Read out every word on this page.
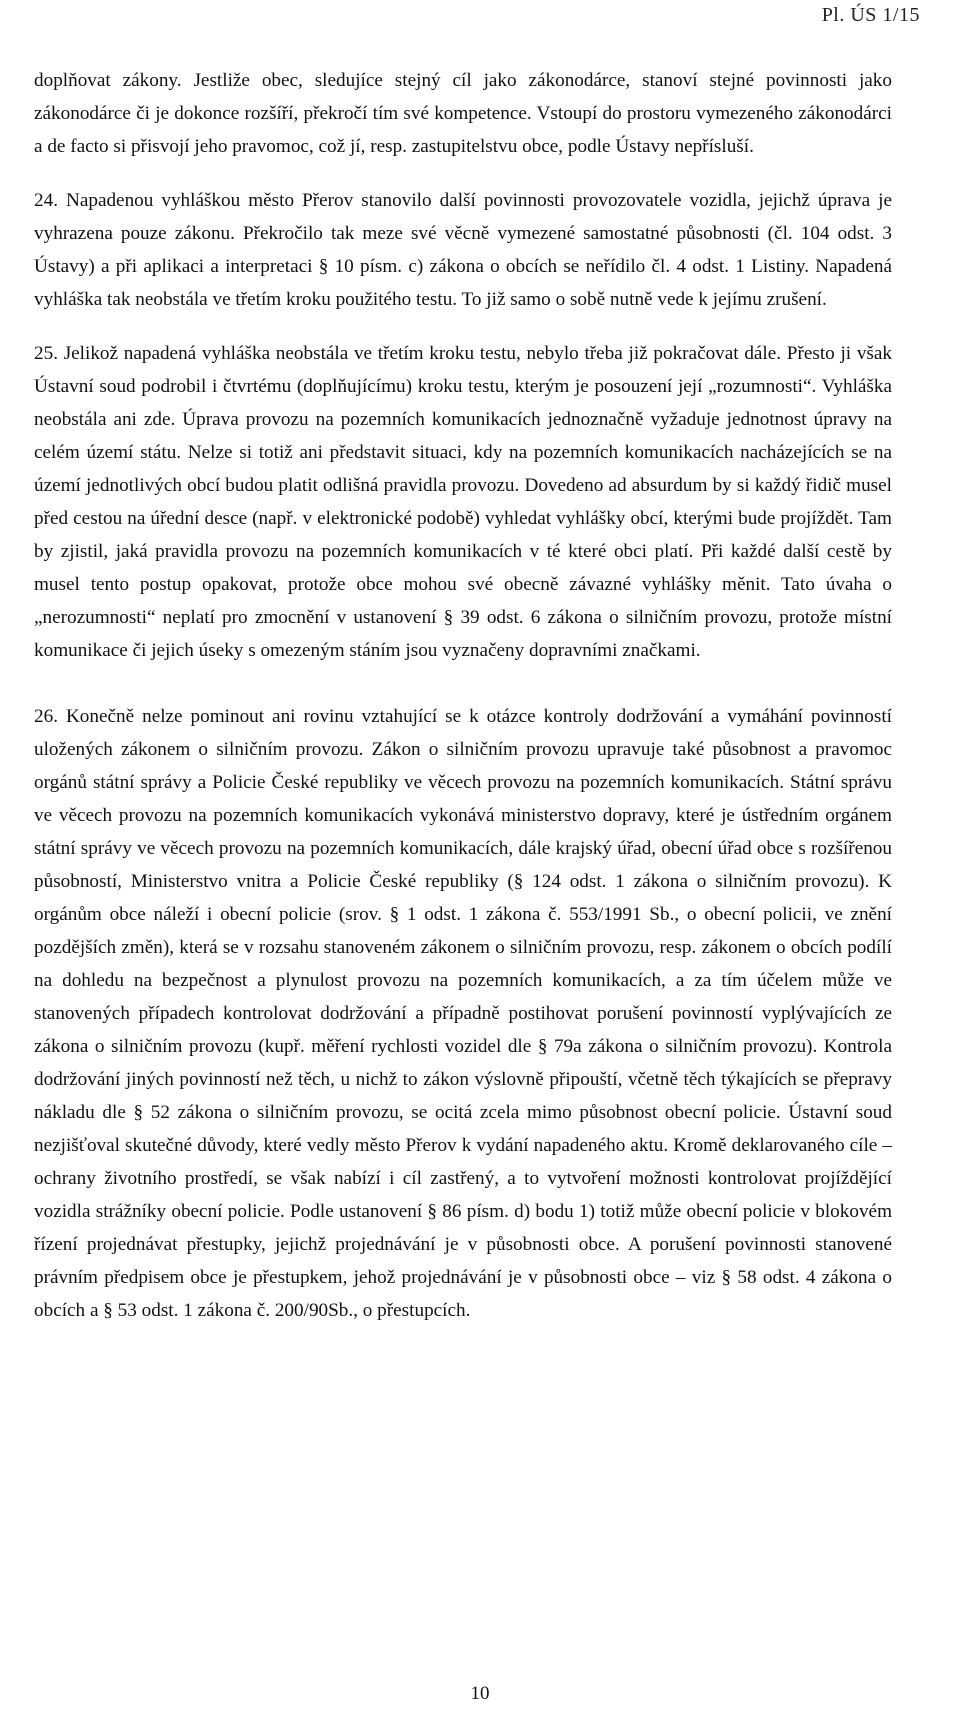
Pl. ÚS 1/15

doplňovat zákony. Jestliže obec, sledujíce stejný cíl jako zákonodárce, stanoví stejné povinnosti jako zákonodárce či je dokonce rozšíří, překročí tím své kompetence. Vstoupí do prostoru vymezeného zákonodárci a de facto si přisvojí jeho pravomoc, což jí, resp. zastupitelstvu obce, podle Ústavy nepřísluší.

24. Napadenou vyhláškou město Přerov stanovilo další povinnosti provozovatele vozidla, jejichž úprava je vyhrazena pouze zákonu. Překročilo tak meze své věcně vymezené samostatné působnosti (čl. 104 odst. 3 Ústavy) a při aplikaci a interpretaci § 10 písm. c) zákona o obcích se neřídilo čl. 4 odst. 1 Listiny. Napadená vyhláška tak neobstála ve třetím kroku použitého testu. To již samo o sobě nutně vede k jejímu zrušení.

25. Jelikož napadená vyhláška neobstála ve třetím kroku testu, nebylo třeba již pokračovat dále. Přesto ji však Ústavní soud podrobil i čtvrtému (doplňujícímu) kroku testu, kterým je posouzení její „rozumnosti“. Vyhláška neobstála ani zde. Úprava provozu na pozemních komunikacích jednoznačně vyžaduje jednotnost úpravy na celém území státu. Nelze si totiž ani představit situaci, kdy na pozemních komunikacích nacházejících se na území jednotlivých obcí budou platit odlišná pravidla provozu. Dovedeno ad absurdum by si každý řidič musel před cestou na úřední desce (např. v elektronické podobě) vyhledat vyhlášky obcí, kterými bude projíždět. Tam by zjistil, jaká pravidla provozu na pozemních komunikacích v té které obci platí. Při každé další cestě by musel tento postup opakovat, protože obce mohou své obecně závazné vyhlášky měnit. Tato úvaha o „nerozumnosti“ neplatí pro zmocnění v ustanovení § 39 odst. 6 zákona o silničním provozu, protože místní komunikace či jejich úseky s omezeným stáním jsou vyznačeny dopravními značkami.

26. Konečně nelze pominout ani rovinu vztahující se k otázce kontroly dodržování a vymáhání povinností uložených zákonem o silničním provozu. Zákon o silničním provozu upravuje také působnost a pravomoc orgánů státní správy a Policie České republiky ve věcech provozu na pozemních komunikacích. Státní správu ve věcech provozu na pozemních komunikacích vykonává ministerstvo dopravy, které je ústředním orgánem státní správy ve věcech provozu na pozemních komunikacích, dále krajský úřad, obecní úřad obce s rozšířenou působností, Ministerstvo vnitra a Policie České republiky (§ 124 odst. 1 zákona o silničním provozu). K orgánům obce náleží i obecní policie (srov. § 1 odst. 1 zákona č. 553/1991 Sb., o obecní policii, ve znění pozdějších změn), která se v rozsahu stanoveném zákonem o silničním provozu, resp. zákonem o obcích podílí na dohledu na bezpečnost a plynulost provozu na pozemních komunikacích, a za tím účelem může ve stanovených případech kontrolovat dodržování a případně postihovat porušení povinností vyplývajících ze zákona o silničním provozu (kupř. měření rychlosti vozidel dle § 79a zákona o silničním provozu). Kontrola dodržování jiných povinností než těch, u nichž to zákon výslovně připouští, včetně těch týkajících se přepravy nákladu dle § 52 zákona o silničním provozu, se ocitá zcela mimo působnost obecní policie. Ústavní soud nezjišťoval skutečné důvody, které vedly město Přerov k vydání napadeného aktu. Kromě deklarovaného cíle – ochrany životního prostředí, se však nabízí i cíl zastřený, a to vytvoření možnosti kontrolovat projíždějící vozidla strážníky obecní policie. Podle ustanovení § 86 písm. d) bodu 1) totiž může obecní policie v blokovém řízení projednávat přestupky, jejichž projednávání je v působnosti obce. A porušení povinnosti stanovené právním předpisem obce je přestupkem, jehož projednávání je v působnosti obce – viz § 58 odst. 4 zákona o obcích a § 53 odst. 1 zákona č. 200/90Sb., o přestupcích.

10
